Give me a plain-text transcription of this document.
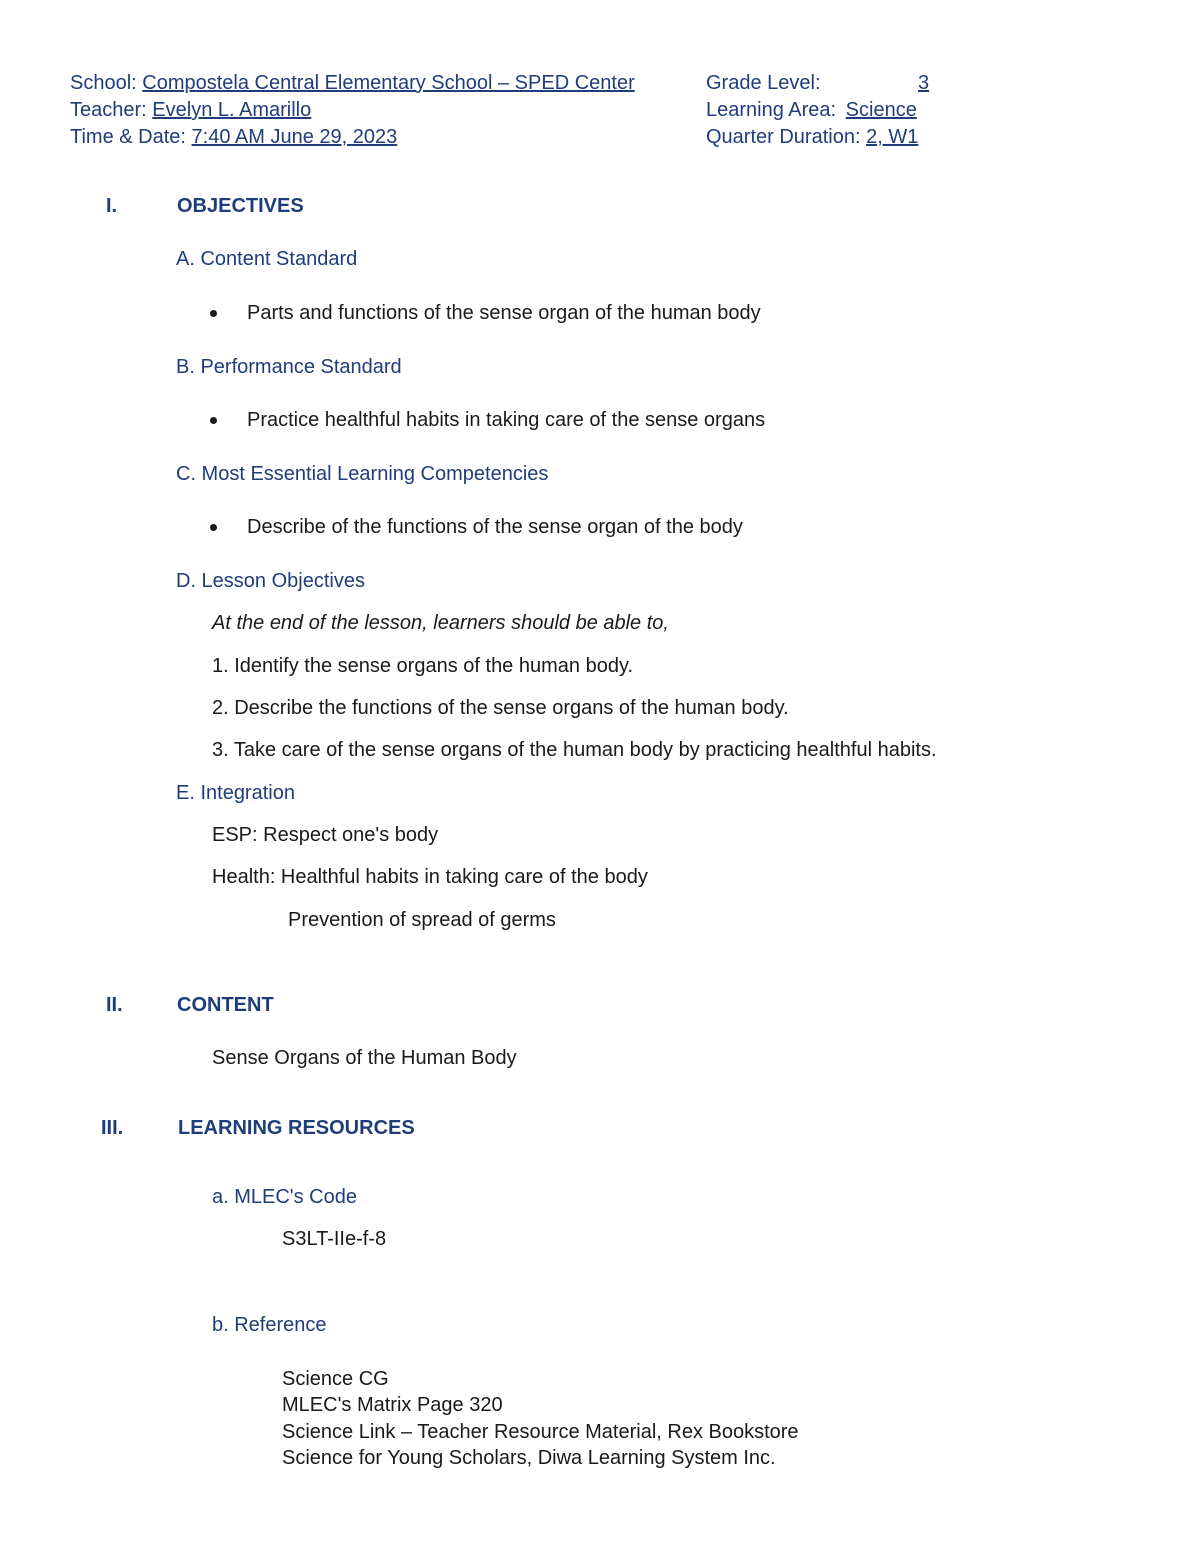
School: Compostela Central Elementary School – SPED Center
Teacher: Evelyn L. Amarillo
Time & Date: 7:40 AM June 29, 2023
Grade Level:	3
Learning Area: Science
Quarter Duration: 2, W1
I.	OBJECTIVES
A. Content Standard
Parts and functions of the sense organ of the human body
B. Performance Standard
Practice healthful habits in taking care of the sense organs
C. Most Essential Learning Competencies
Describe of the functions of the sense organ of the body
D. Lesson Objectives
At the end of the lesson, learners should be able to,
1. Identify the sense organs of the human body.
2. Describe the functions of the sense organs of the human body.
3. Take care of the sense organs of the human body by practicing healthful habits.
E. Integration
ESP: Respect one's body
Health: Healthful habits in taking care of the body
Prevention of spread of germs
II.	CONTENT
Sense Organs of the Human Body
III.	LEARNING RESOURCES
a. MLEC's Code
S3LT-IIe-f-8
b. Reference
Science CG
MLEC's Matrix Page 320
Science Link – Teacher Resource Material, Rex Bookstore
Science for Young Scholars, Diwa Learning System Inc.
